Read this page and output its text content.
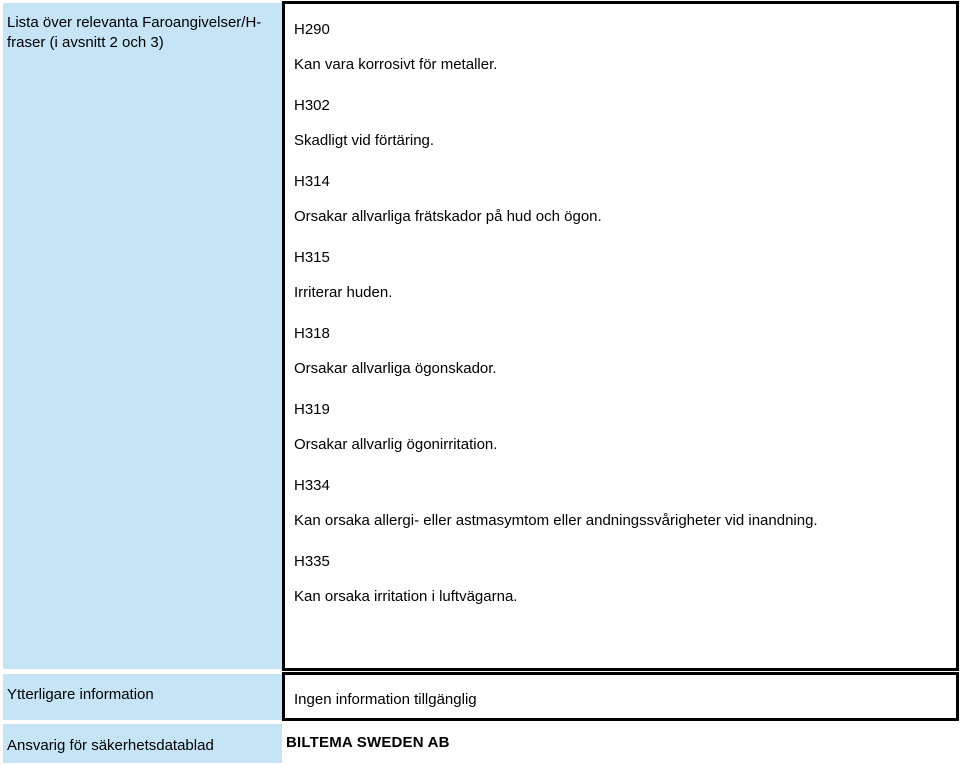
Lista över relevanta Faroangivelser/H-fraser (i avsnitt 2 och 3)

H290

Kan vara korrosivt för metaller.

H302

Skadligt vid förtäring.

H314

Orsakar allvarliga frätskador på hud och ögon.

H315

Irriterar huden.

H318

Orsakar allvarliga ögonskador.

H319

Orsakar allvarlig ögonirritation.

H334

Kan orsaka allergi- eller astmasymtom eller andningssvårigheter vid inandning.

H335

Kan orsaka irritation i luftvägarna.

Ytterligare information	Ingen information tillgänglig
Ansvarig för säkerhetsdatablad	BILTEMA SWEDEN AB
